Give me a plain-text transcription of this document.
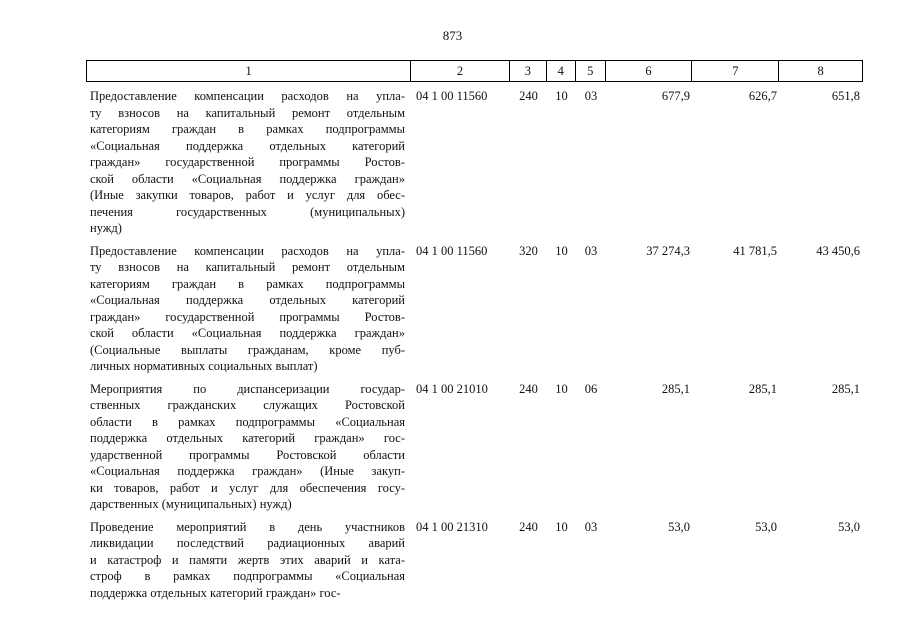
873
1	2	3	4	5	6	7	8
Предоставление компенсации расходов на упла-
ту взносов на капитальный ремонт отдельным
категориям граждан в рамках подпрограммы
«Социальная поддержка отдельных категорий
граждан» государственной программы Ростов-
ской области «Социальная поддержка граждан»
(Иные закупки товаров, работ и услуг для обес-
печения государственных (муниципальных)
нужд)
04 1 00 11560	240	10	03	677,9	626,7	651,8
Предоставление компенсации расходов на упла-
ту взносов на капитальный ремонт отдельным
категориям граждан в рамках подпрограммы
«Социальная поддержка отдельных категорий
граждан» государственной программы Ростов-
ской области «Социальная поддержка граждан»
(Социальные выплаты гражданам, кроме пуб-
личных нормативных социальных выплат)
04 1 00 11560	320	10	03	37 274,3	41 781,5	43 450,6
Мероприятия по диспансеризации государ-
ственных гражданских служащих Ростовской
области в рамках подпрограммы «Социальная
поддержка отдельных категорий граждан» гос-
ударственной программы Ростовской области
«Социальная поддержка граждан» (Иные закуп-
ки товаров, работ и услуг для обеспечения госу-
дарственных (муниципальных) нужд)
04 1 00 21010	240	10	06	285,1	285,1	285,1
Проведение мероприятий в день участников
ликвидации последствий радиационных аварий
и катастроф и памяти жертв этих аварий и ката-
строф в рамках подпрограммы «Социальная
поддержка отдельных категорий граждан» гос-
04 1 00 21310	240	10	03	53,0	53,0	53,0
